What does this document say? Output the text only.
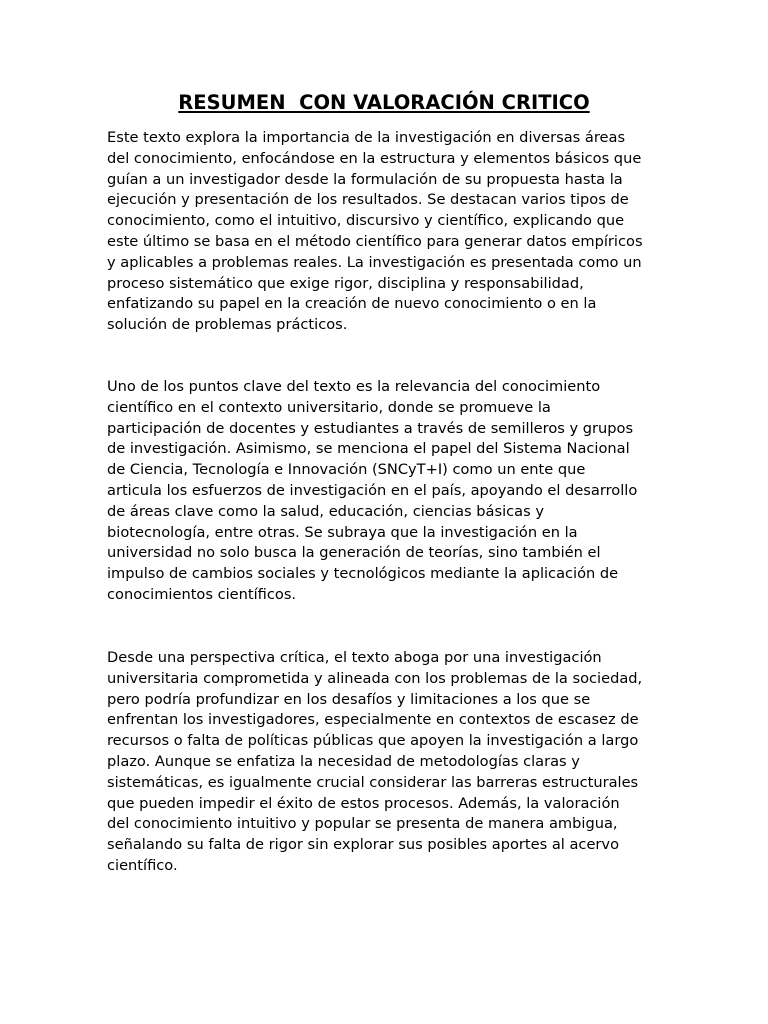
RESUMEN  CON VALORACIÓN CRITICO
Este texto explora la importancia de la investigación en diversas áreas
del conocimiento, enfocándose en la estructura y elementos básicos que
guían a un investigador desde la formulación de su propuesta hasta la
ejecución y presentación de los resultados. Se destacan varios tipos de
conocimiento, como el intuitivo, discursivo y científico, explicando que
este último se basa en el método científico para generar datos empíricos
y aplicables a problemas reales. La investigación es presentada como un
proceso sistemático que exige rigor, disciplina y responsabilidad,
enfatizando su papel en la creación de nuevo conocimiento o en la
solución de problemas prácticos.
Uno de los puntos clave del texto es la relevancia del conocimiento
científico en el contexto universitario, donde se promueve la
participación de docentes y estudiantes a través de semilleros y grupos
de investigación. Asimismo, se menciona el papel del Sistema Nacional
de Ciencia, Tecnología e Innovación (SNCyT+I) como un ente que
articula los esfuerzos de investigación en el país, apoyando el desarrollo
de áreas clave como la salud, educación, ciencias básicas y
biotecnología, entre otras. Se subraya que la investigación en la
universidad no solo busca la generación de teorías, sino también el
impulso de cambios sociales y tecnológicos mediante la aplicación de
conocimientos científicos.
Desde una perspectiva crítica, el texto aboga por una investigación
universitaria comprometida y alineada con los problemas de la sociedad,
pero podría profundizar en los desafíos y limitaciones a los que se
enfrentan los investigadores, especialmente en contextos de escasez de
recursos o falta de políticas públicas que apoyen la investigación a largo
plazo. Aunque se enfatiza la necesidad de metodologías claras y
sistemáticas, es igualmente crucial considerar las barreras estructurales
que pueden impedir el éxito de estos procesos. Además, la valoración
del conocimiento intuitivo y popular se presenta de manera ambigua,
señalando su falta de rigor sin explorar sus posibles aportes al acervo
científico.
